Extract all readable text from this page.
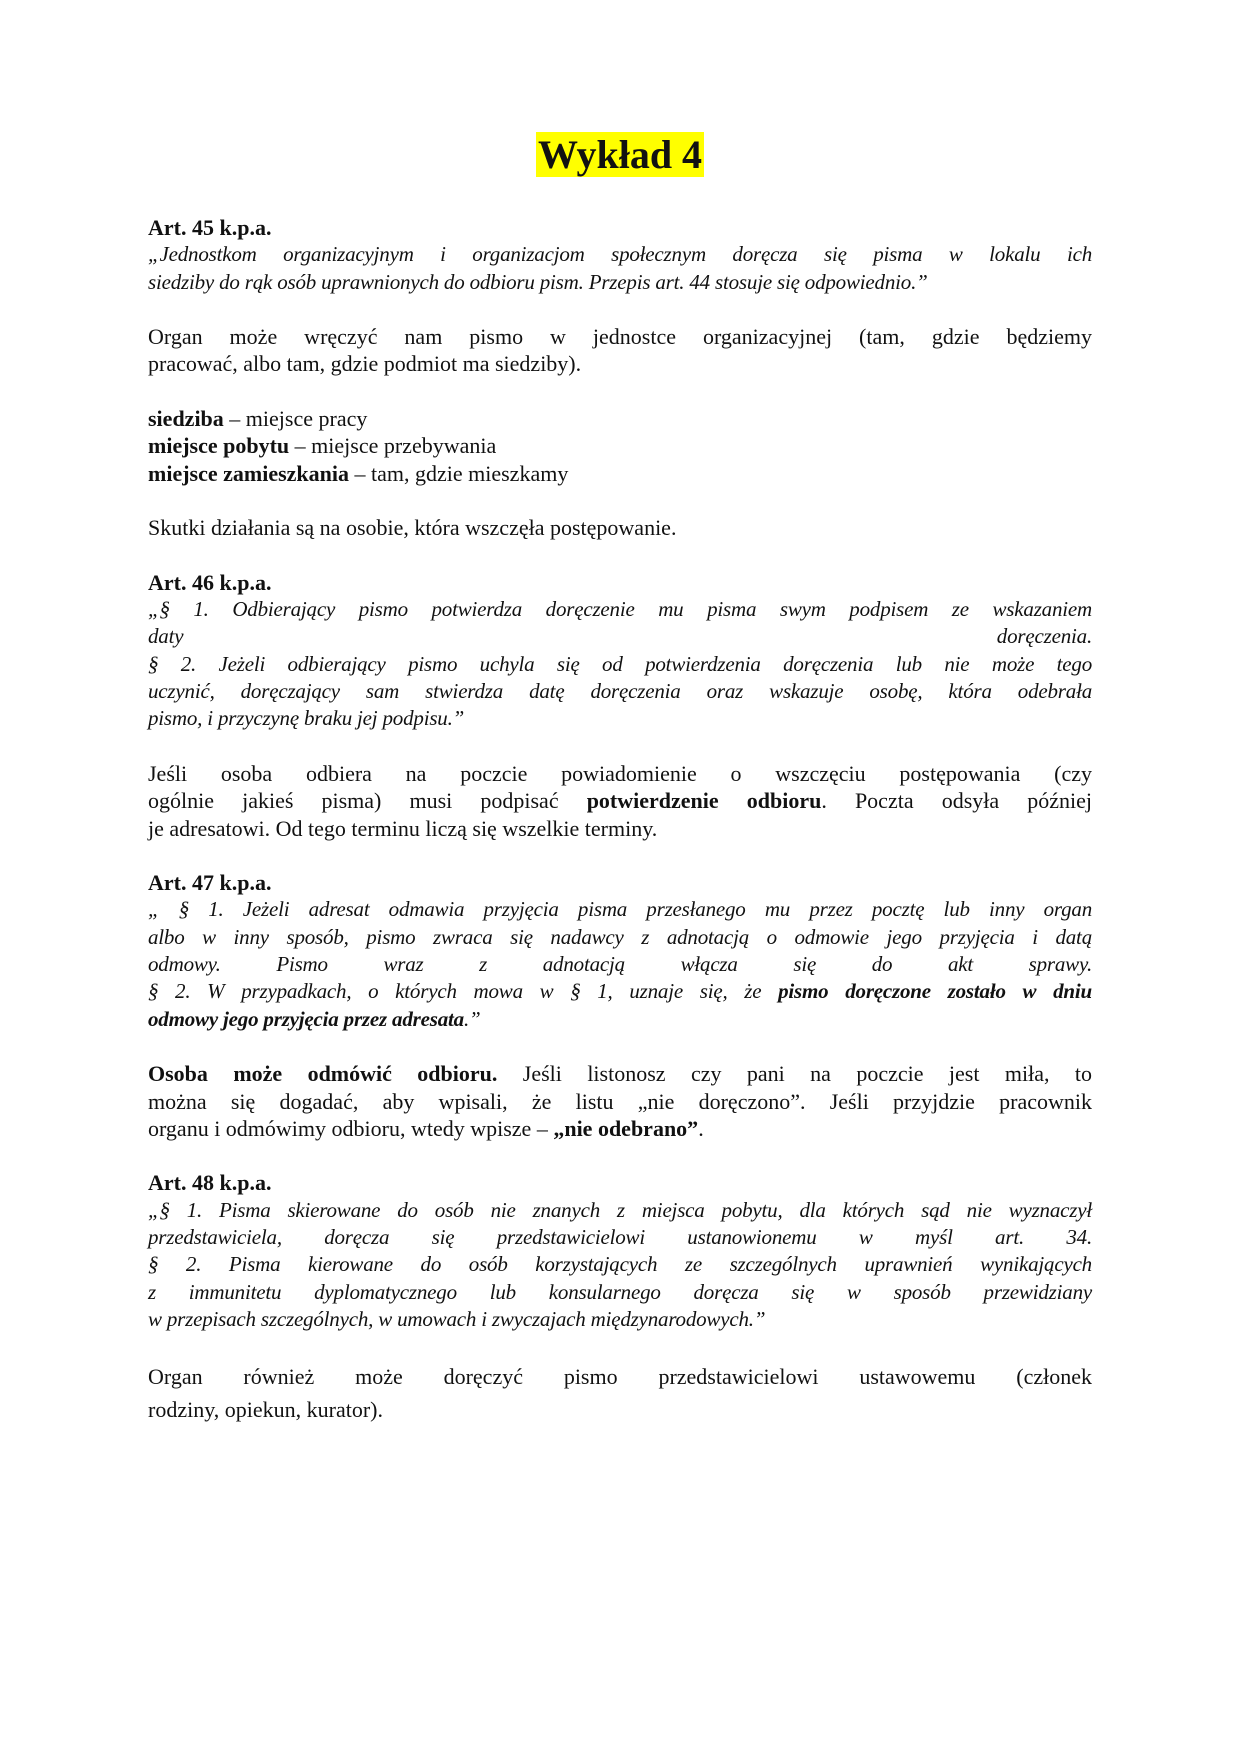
Wykład 4
Art. 45 k.p.a.
„Jednostkom organizacyjnym i organizacjom społecznym doręcza się pisma w lokalu ich
siedziby do rąk osób uprawnionych do odbioru pism. Przepis art. 44 stosuje się odpowiednio.”
Organ może wręczyć nam pismo w jednostce organizacyjnej (tam, gdzie będziemy
pracować, albo tam, gdzie podmiot ma siedziby).
siedziba – miejsce pracy
miejsce pobytu – miejsce przebywania
miejsce zamieszkania – tam, gdzie mieszkamy
Skutki działania są na osobie, która wszczęła postępowanie.
Art. 46 k.p.a.
„§ 1. Odbierający pismo potwierdza doręczenie mu pisma swym podpisem ze wskazaniem
daty doręczenia.
§ 2. Jeżeli odbierający pismo uchyla się od potwierdzenia doręczenia lub nie może tego
uczynić, doręczający sam stwierdza datę doręczenia oraz wskazuje osobę, która odebrała
pismo, i przyczynę braku jej podpisu.”
Jeśli osoba odbiera na poczcie powiadomienie o wszczęciu postępowania (czy
ogólnie jakieś pisma) musi podpisać potwierdzenie odbioru. Poczta odsyła później
je adresatowi. Od tego terminu liczą się wszelkie terminy.
Art. 47 k.p.a.
„ § 1. Jeżeli adresat odmawia przyjęcia pisma przesłanego mu przez pocztę lub inny organ
albo w inny sposób, pismo zwraca się nadawcy z adnotacją o odmowie jego przyjęcia i datą
odmowy. Pismo wraz z adnotacją włącza się do akt sprawy.
§ 2. W przypadkach, o których mowa w § 1, uznaje się, że pismo doręczone zostało w dniu
odmowy jego przyjęcia przez adresata.”
Osoba może odmówić odbioru. Jeśli listonosz czy pani na poczcie jest miła, to
można się dogadać, aby wpisali, że listu „nie doręczono”. Jeśli przyjdzie pracownik
organu i odmówimy odbioru, wtedy wpisze – „nie odebrano”.
Art. 48 k.p.a.
„§ 1. Pisma skierowane do osób nie znanych z miejsca pobytu, dla których sąd nie wyznaczył
przedstawiciela, doręcza się przedstawicielowi ustanowionemu w myśl art. 34.
§ 2. Pisma kierowane do osób korzystających ze szczególnych uprawnień wynikających
z immunitetu dyplomatycznego lub konsularnego doręcza się w sposób przewidziany
w przepisach szczególnych, w umowach i zwyczajach międzynarodowych.”
Organ również może doręczyć pismo przedstawicielowi ustawowemu (członek
rodziny, opiekun, kurator).
